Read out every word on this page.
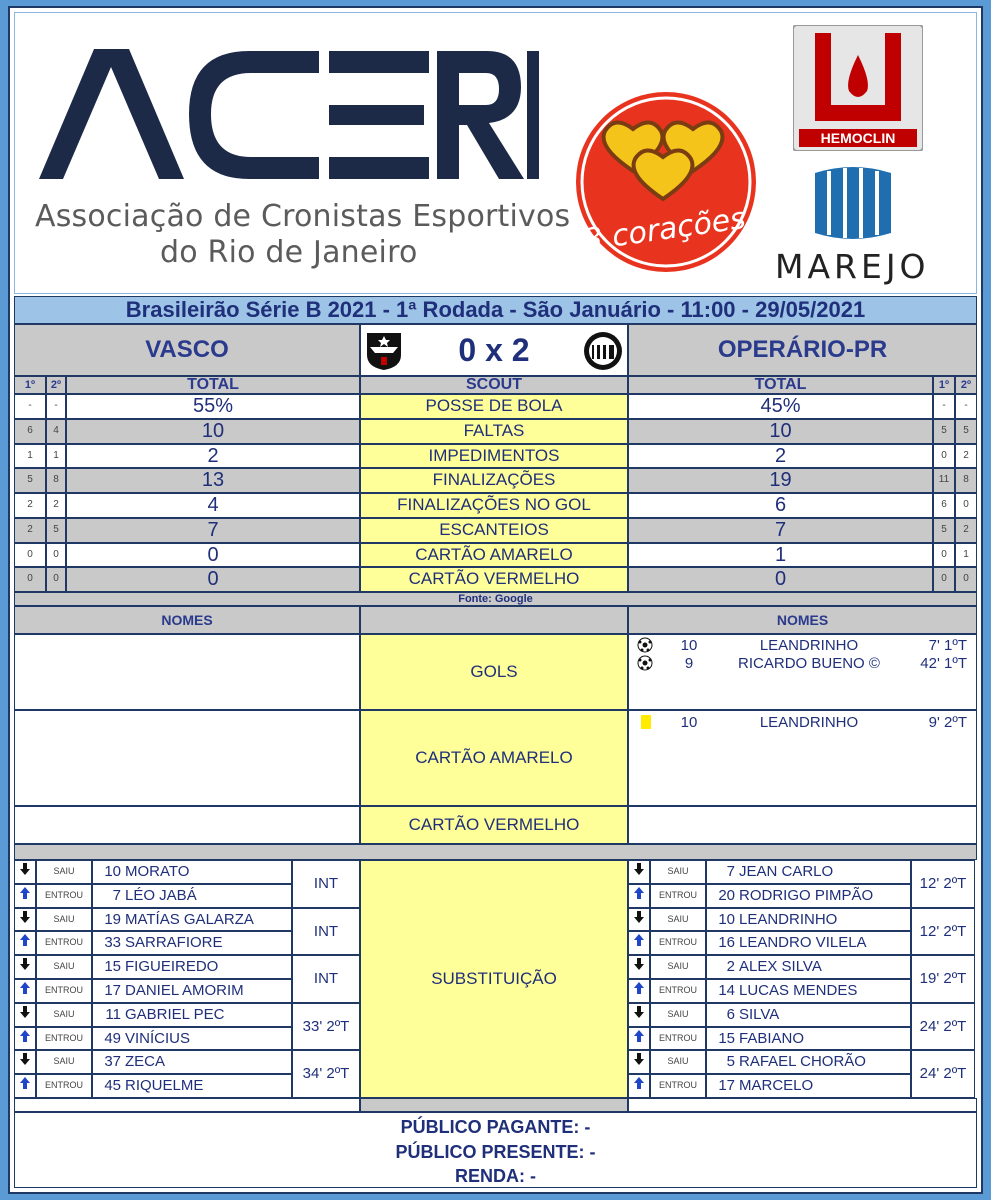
Associação de Cronistas Esportivos
do Rio de Janeiro	3 corações
HEMOCLIN
MAREJO
Brasileirão Série B 2021 - 1ª Rodada - São Januário - 11:00 - 29/05/2021
VASCO	0 x 2	OPERÁRIO-PR
1º	2º	TOTAL	SCOUT	TOTAL	1º	2º
-	-	55%	POSSE DE BOLA	45%	-	-
6	4	10	FALTAS	10	5	5
1	1	2	IMPEDIMENTOS	2	0	2
5	8	13	FINALIZAÇÕES	19	11	8
2	2	4	FINALIZAÇÕES NO GOL	6	6	0
2	5	7	ESCANTEIOS	7	5	2
0	0	0	CARTÃO AMARELO	1	0	1
0	0	0	CARTÃO VERMELHO	0	0	0
Fonte: Google
NOMES	NOMES
GOLS
10	LEANDRINHO	7' 1ºT
9	RICARDO BUENO ©	42' 1ºT
CARTÃO AMARELO
10	LEANDRINHO	9' 2ºT
CARTÃO VERMELHO
SAIU	10 MORATO
ENTROU	7 LÉO JABÁ
INT
SAIU	19 MATÍAS GALARZA
ENTROU	33 SARRAFIORE
INT
SAIU	15 FIGUEIREDO
ENTROU	17 DANIEL AMORIM
INT
SAIU	11 GABRIEL PEC
ENTROU	49 VINÍCIUS
33' 2ºT
SAIU	37 ZECA
ENTROU	45 RIQUELME
34' 2ºT
SUBSTITUIÇÃO
SAIU	7 JEAN CARLO
ENTROU	20 RODRIGO PIMPÃO
12' 2ºT
SAIU	10 LEANDRINHO
ENTROU	16 LEANDRO VILELA
12' 2ºT
SAIU	2 ALEX SILVA
ENTROU	14 LUCAS MENDES
19' 2ºT
SAIU	6 SILVA
ENTROU	15 FABIANO
24' 2ºT
SAIU	5 RAFAEL CHORÃO
ENTROU	17 MARCELO
24' 2ºT
PÚBLICO PAGANTE: -
PÚBLICO PRESENTE: -
RENDA: -
